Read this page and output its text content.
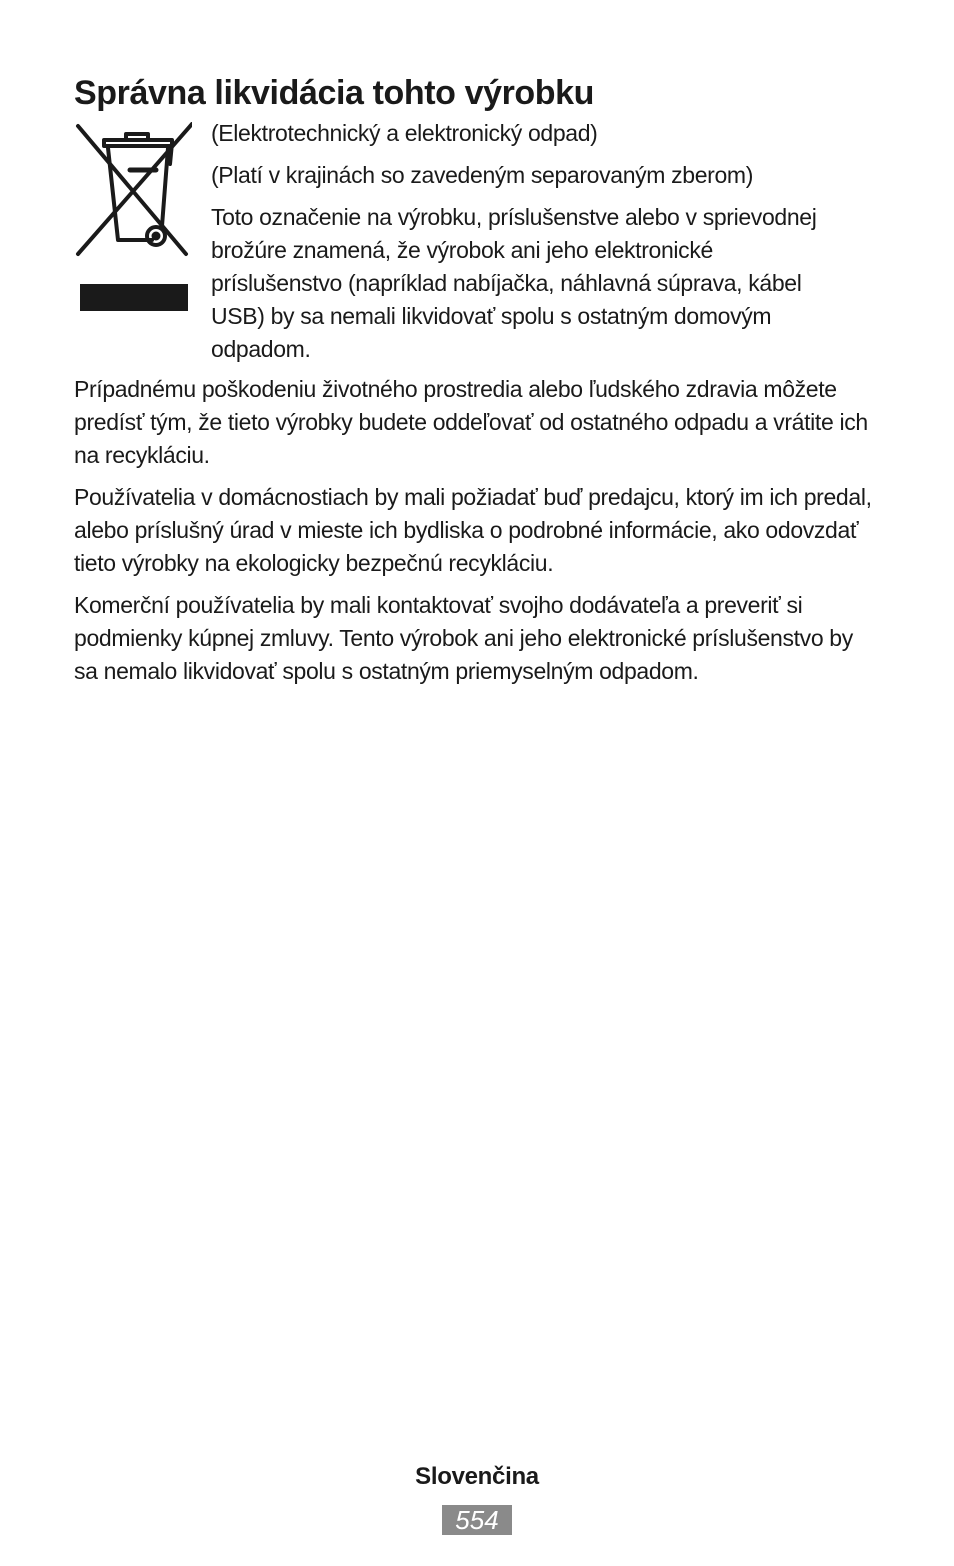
Správna likvidácia tohto výrobku

(Elektrotechnický a elektronický odpad)

(Platí v krajinách so zavedeným separovaným zberom)

Toto označenie na výrobku, príslušenstve alebo v sprievodnej brožúre znamená, že výrobok ani jeho elektronické príslušenstvo (napríklad nabíjačka, náhlavná súprava, kábel USB) by sa nemali likvidovať spolu s ostatným domovým odpadom.

Prípadnému poškodeniu životného prostredia alebo ľudského zdravia môžete predísť tým, že tieto výrobky budete oddeľovať od ostatného odpadu a vrátite ich na recykláciu.

Používatelia v domácnostiach by mali požiadať buď predajcu, ktorý im ich predal, alebo príslušný úrad v mieste ich bydliska o podrobné informácie, ako odovzdať tieto výrobky na ekologicky bezpečnú recykláciu.

Komerční používatelia by mali kontaktovať svojho dodávateľa a preveriť si podmienky kúpnej zmluvy. Tento výrobok ani jeho elektronické príslušenstvo by sa nemalo likvidovať spolu s ostatným priemyselným odpadom.

Slovenčina
554
